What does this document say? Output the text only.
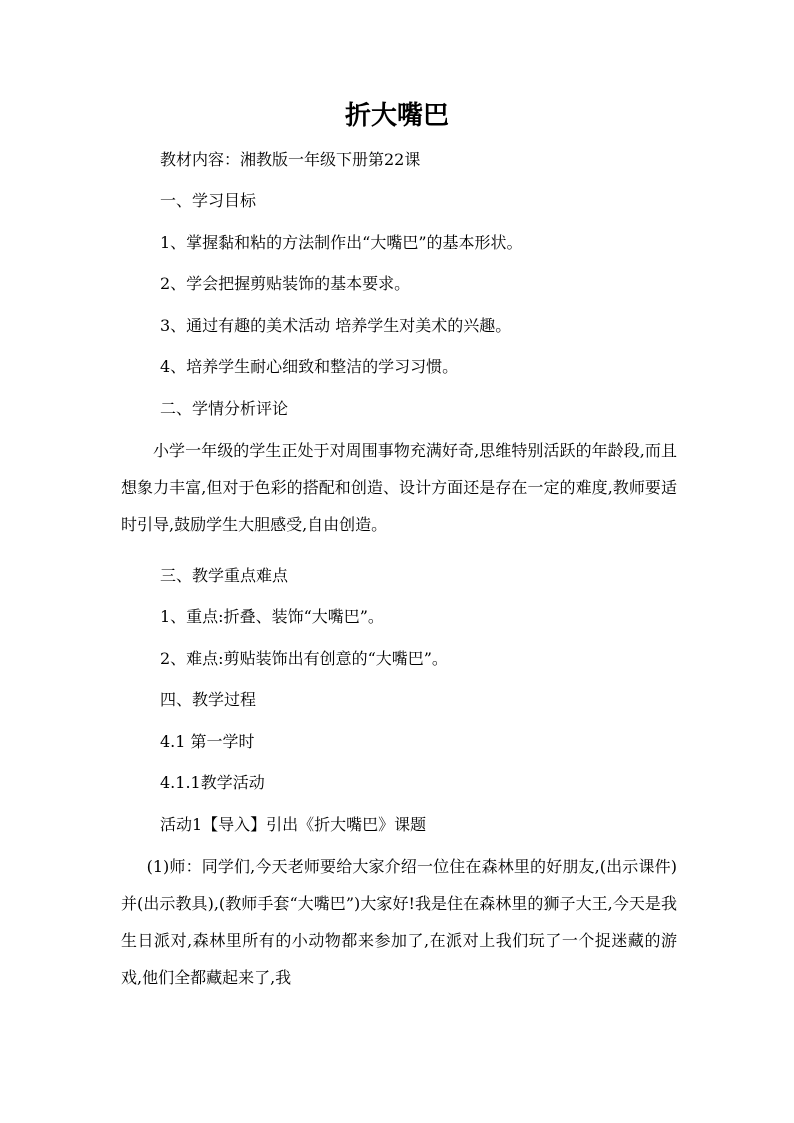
折大嘴巴
教材内容：湘教版一年级下册第22课
一、学习目标
1、掌握黏和粘的方法制作出“大嘴巴”的基本形状。
2、学会把握剪贴装饰的基本要求。
3、通过有趣的美术活动 培养学生对美术的兴趣。
4、培养学生耐心细致和整洁的学习习惯。
二、学情分析评论
小学一年级的学生正处于对周围事物充满好奇,思维特别活跃的年龄段,而且想象力丰富,但对于色彩的搭配和创造、设计方面还是存在一定的难度,教师要适时引导,鼓励学生大胆感受,自由创造。
三、教学重点难点
1、重点:折叠、装饰“大嘴巴”。
2、难点:剪贴装饰出有创意的“大嘴巴”。
四、教学过程
4.1 第一学时
4.1.1教学活动
活动1【导入】引出《折大嘴巴》课题
(1)师：同学们,今天老师要给大家介绍一位住在森林里的好朋友,(出示课件)并(出示教具),(教师手套“大嘴巴”)大家好!我是住在森林里的狮子大王,今天是我生日派对,森林里所有的小动物都来参加了,在派对上我们玩了一个捉迷藏的游戏,他们全都藏起来了,我
